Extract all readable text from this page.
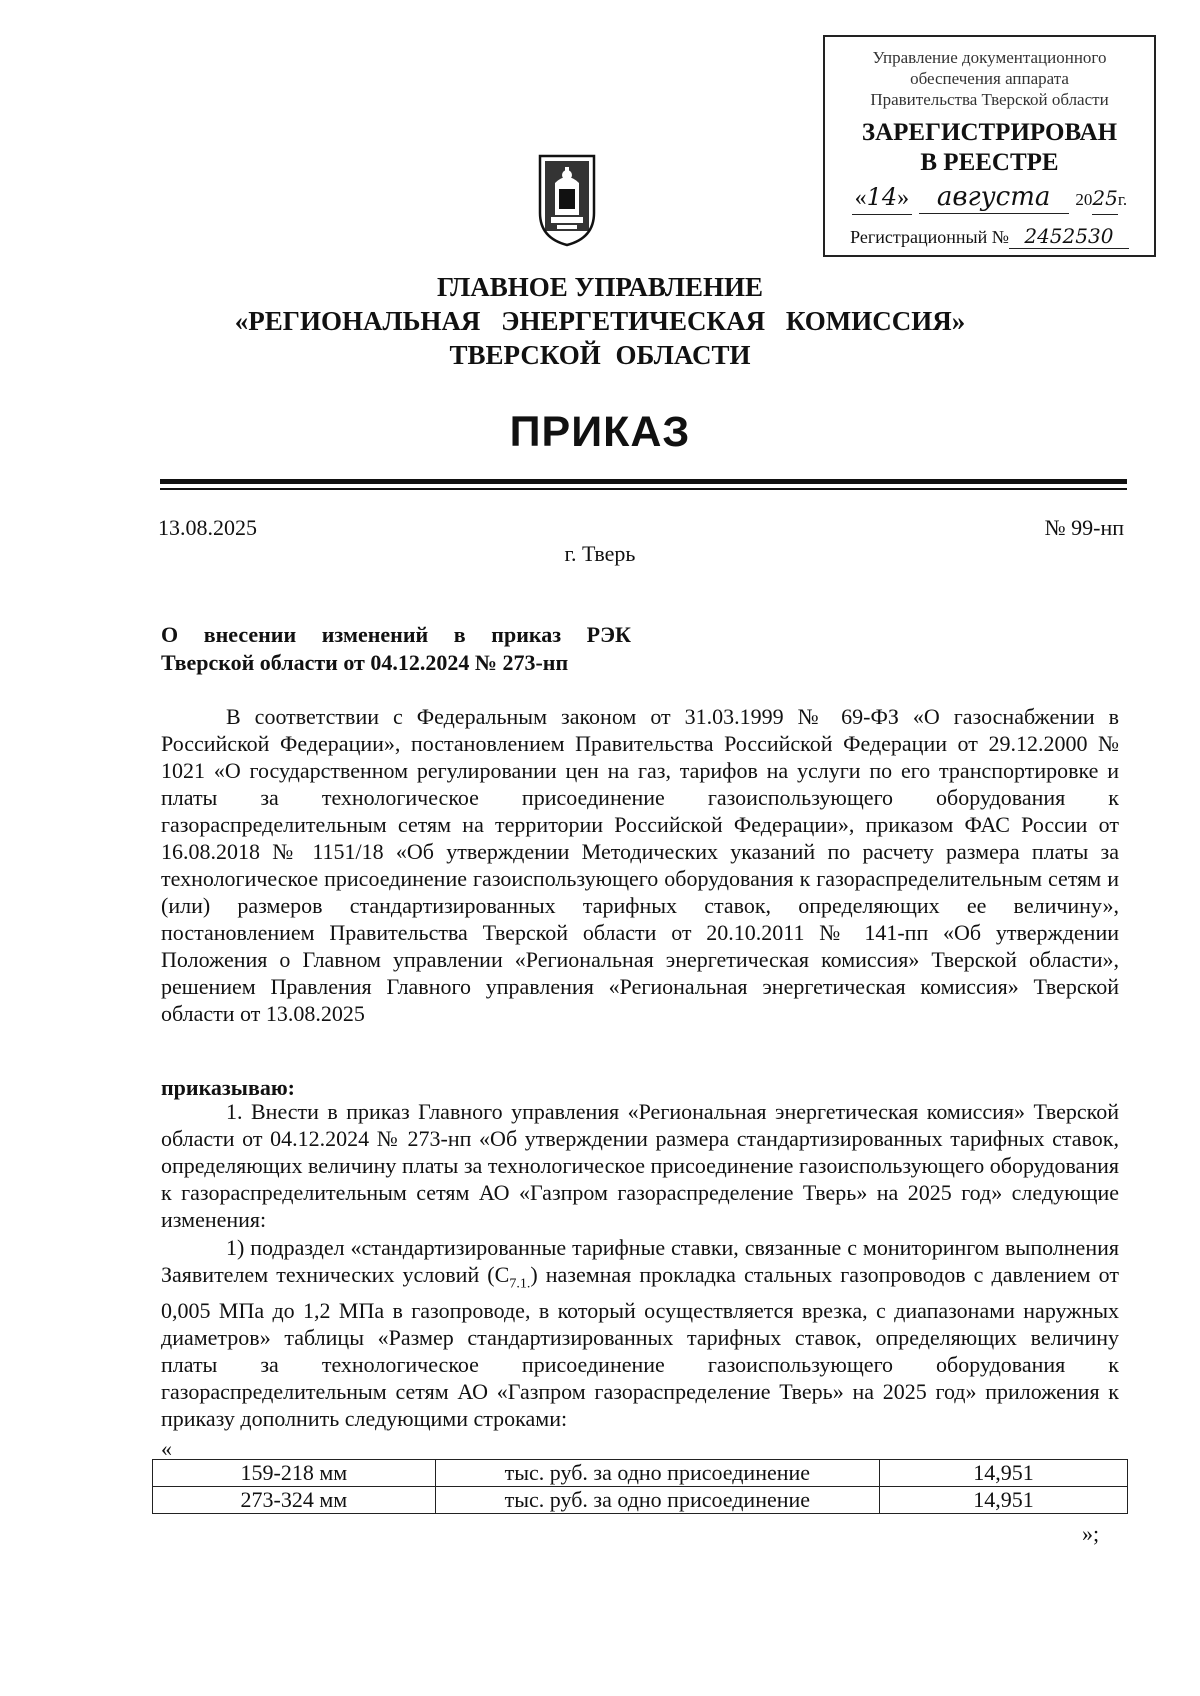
Управление документационного
обеспечения аппарата
Правительства Тверской области
ЗАРЕГИСТРИРОВАН
В РЕЕСТРЕ
«14» августа 2025г.
Регистрационный № 2452530
ГЛАВНОЕ УПРАВЛЕНИЕ
«РЕГИОНАЛЬНАЯ ЭНЕРГЕТИЧЕСКАЯ КОМИССИЯ»
ТВЕРСКОЙ ОБЛАСТИ
ПРИКАЗ
13.08.2025	№ 99-нп
г. Тверь
О внесении изменений в приказ РЭК
Тверской области от 04.12.2024 № 273-нп
В соответствии с Федеральным законом от 31.03.1999 № 69-ФЗ «О газоснабжении в Российской Федерации», постановлением Правительства Российской Федерации от 29.12.2000 № 1021 «О государственном регулировании цен на газ, тарифов на услуги по его транспортировке и платы за технологическое присоединение газоиспользующего оборудования к газораспределительным сетям на территории Российской Федерации», приказом ФАС России от 16.08.2018 № 1151/18 «Об утверждении Методических указаний по расчету размера платы за технологическое присоединение газоиспользующего оборудования к газораспределительным сетям и (или) размеров стандартизированных тарифных ставок, определяющих ее величину», постановлением Правительства Тверской области от 20.10.2011 № 141-пп «Об утверждении Положения о Главном управлении «Региональная энергетическая комиссия» Тверской области», решением Правления Главного управления «Региональная энергетическая комиссия» Тверской области от 13.08.2025
приказываю:
1. Внести в приказ Главного управления «Региональная энергетическая комиссия» Тверской области от 04.12.2024 № 273-нп «Об утверждении размера стандартизированных тарифных ставок, определяющих величину платы за технологическое присоединение газоиспользующего оборудования к газораспределительным сетям АО «Газпром газораспределение Тверь» на 2025 год» следующие изменения:
1) подраздел «стандартизированные тарифные ставки, связанные с мониторингом выполнения Заявителем технических условий $(С_{7.1.})$ наземная прокладка стальных газопроводов с давлением от 0,005 МПа до 1,2 МПа в газопроводе, в который осуществляется врезка, с диапазонами наружных диаметров» таблицы «Размер стандартизированных тарифных ставок, определяющих величину платы за технологическое присоединение газоиспользующего оборудования к газораспределительным сетям АО «Газпром газораспределение Тверь» на 2025 год» приложения к приказу дополнить следующими строками:
«
159-218 мм	тыс. руб. за одно присоединение	14,951
273-324 мм	тыс. руб. за одно присоединение	14,951
»;
